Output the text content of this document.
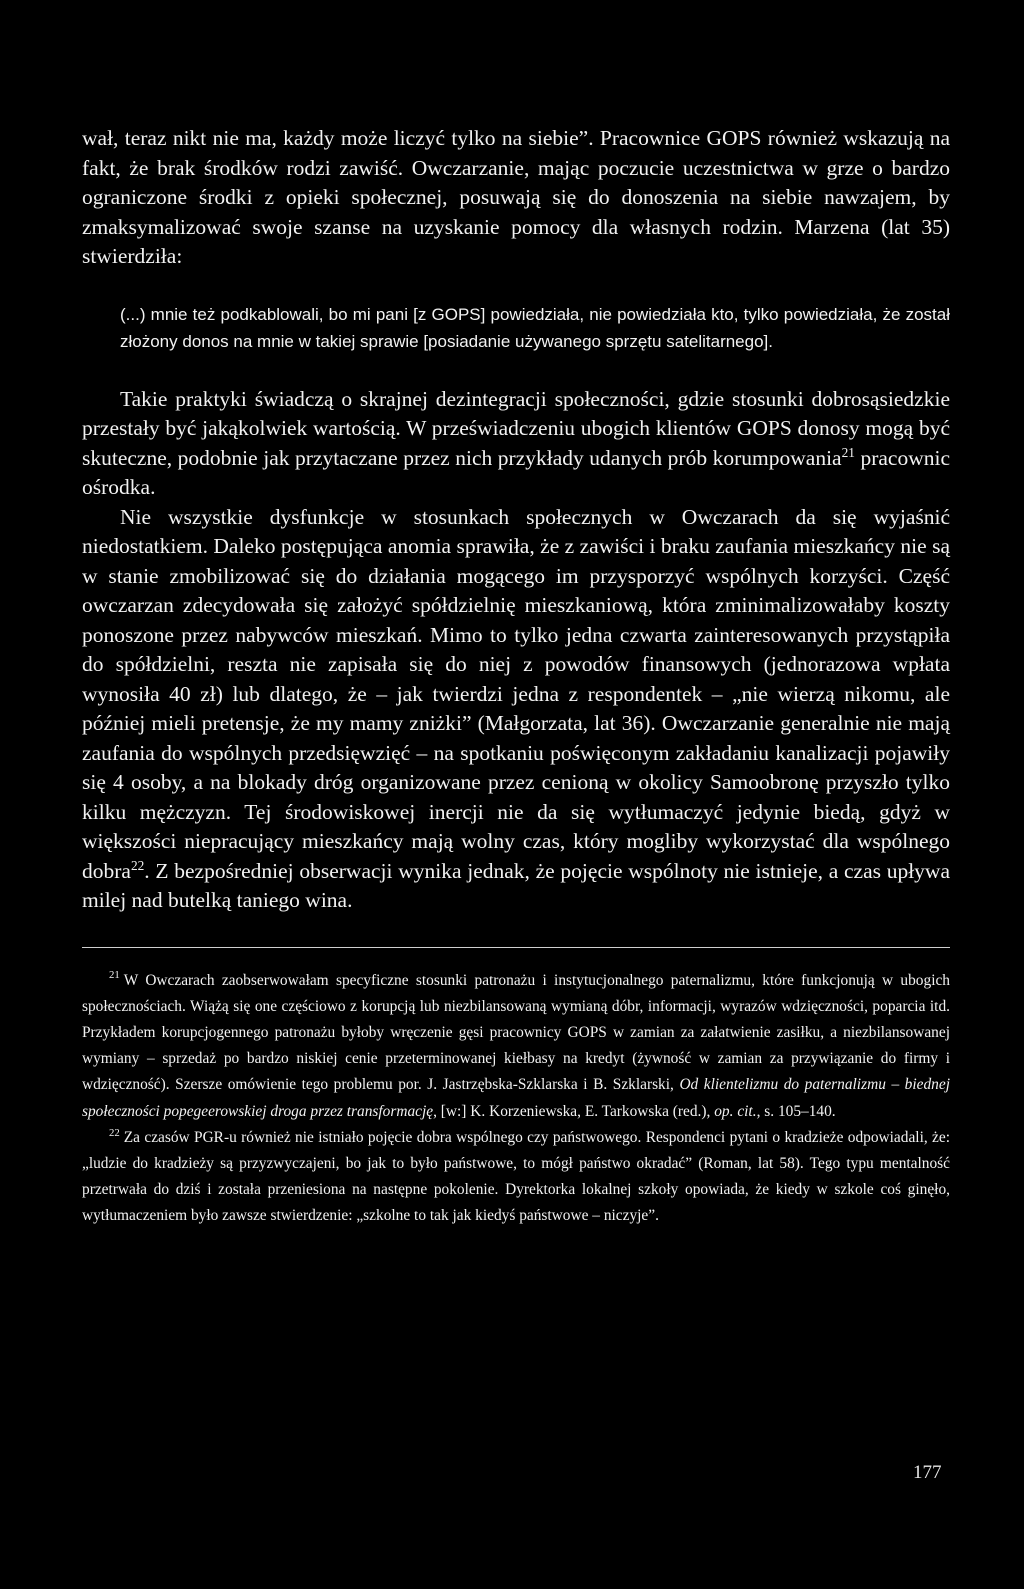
wał, teraz nikt nie ma, każdy może liczyć tylko na siebie”. Pracownice GOPS również wskazują na fakt, że brak środków rodzi zawiść. Owczarzanie, mając poczucie uczestnictwa w grze o bardzo ograniczone środki z opieki społecznej, posuwają się do donoszenia na siebie nawzajem, by zmaksymalizować swoje szanse na uzyskanie pomocy dla własnych rodzin. Marzena (lat 35) stwierdziła:

(...) mnie też podkablowali, bo mi pani [z GOPS] powiedziała, nie powiedziała kto, tylko powiedziała, że został złożony donos na mnie w takiej sprawie [posiadanie używanego sprzętu satelitarnego].

Takie praktyki świadczą o skrajnej dezintegracji społeczności, gdzie stosunki dobrosąsiedzkie przestały być jakąkolwiek wartością. W przeświadczeniu ubogich klientów GOPS donosy mogą być skuteczne, podobnie jak przytaczane przez nich przykłady udanych prób korumpowania$^{21}$ pracownic ośrodka.

Nie wszystkie dysfunkcje w stosunkach społecznych w Owczarach da się wyjaśnić niedostatkiem. Daleko postępująca anomia sprawiła, że z zawiści i braku zaufania mieszkańcy nie są w stanie zmobilizować się do działania mogącego im przysporzyć wspólnych korzyści. Część owczarzan zdecydowała się założyć spółdzielnię mieszkaniową, która zminimalizowałaby koszty ponoszone przez nabywców mieszkań. Mimo to tylko jedna czwarta zainteresowanych przystąpiła do spółdzielni, reszta nie zapisała się do niej z powodów finansowych (jednorazowa wpłata wynosiła 40 zł) lub dlatego, że – jak twierdzi jedna z respondentek – „nie wierzą nikomu, ale później mieli pretensje, że my mamy zniżki” (Małgorzata, lat 36). Owczarzanie generalnie nie mają zaufania do wspólnych przedsięwzięć – na spotkaniu poświęconym zakładaniu kanalizacji pojawiły się 4 osoby, a na blokady dróg organizowane przez cenioną w okolicy Samoobronę przyszło tylko kilku mężczyzn. Tej środowiskowej inercji nie da się wytłumaczyć jedynie biedą, gdyż w większości niepracujący mieszkańcy mają wolny czas, który mogliby wykorzystać dla wspólnego dobra$^{22}$. Z bezpośredniej obserwacji wynika jednak, że pojęcie wspólnoty nie istnieje, a czas upływa milej nad butelką taniego wina.

$^{21}$ W Owczarach zaobserwowałam specyficzne stosunki patronażu i instytucjonalnego paternalizmu, które funkcjonują w ubogich społecznościach. Wiążą się one częściowo z korupcją lub niezbilansowaną wymianą dóbr, informacji, wyrazów wdzięczności, poparcia itd. Przykładem korupcjogennego patronażu byłoby wręczenie gęsi pracownicy GOPS w zamian za załatwienie zasiłku, a niezbilansowanej wymiany – sprzedaż po bardzo niskiej cenie przeterminowanej kiełbasy na kredyt (żywność w zamian za przywiązanie do firmy i wdzięczność). Szersze omówienie tego problemu por. J. Jastrzębska-Szklarska i B. Szklarski, Od klientelizmu do paternalizmu – biednej społeczności popegeerowskiej droga przez transformację, [w:] K. Korzeniewska, E. Tarkowska (red.), op. cit., s. 105–140.

$^{22}$ Za czasów PGR-u również nie istniało pojęcie dobra wspólnego czy państwowego. Respondenci pytani o kradzieże odpowiadali, że: „ludzie do kradzieży są przyzwyczajeni, bo jak to było państwowe, to mógł państwo okradać” (Roman, lat 58). Tego typu mentalność przetrwała do dziś i została przeniesiona na następne pokolenie. Dyrektorka lokalnej szkoły opowiada, że kiedy w szkole coś ginęło, wytłumaczeniem było zawsze stwierdzenie: „szkolne to tak jak kiedyś państwowe – niczyje”.

177
